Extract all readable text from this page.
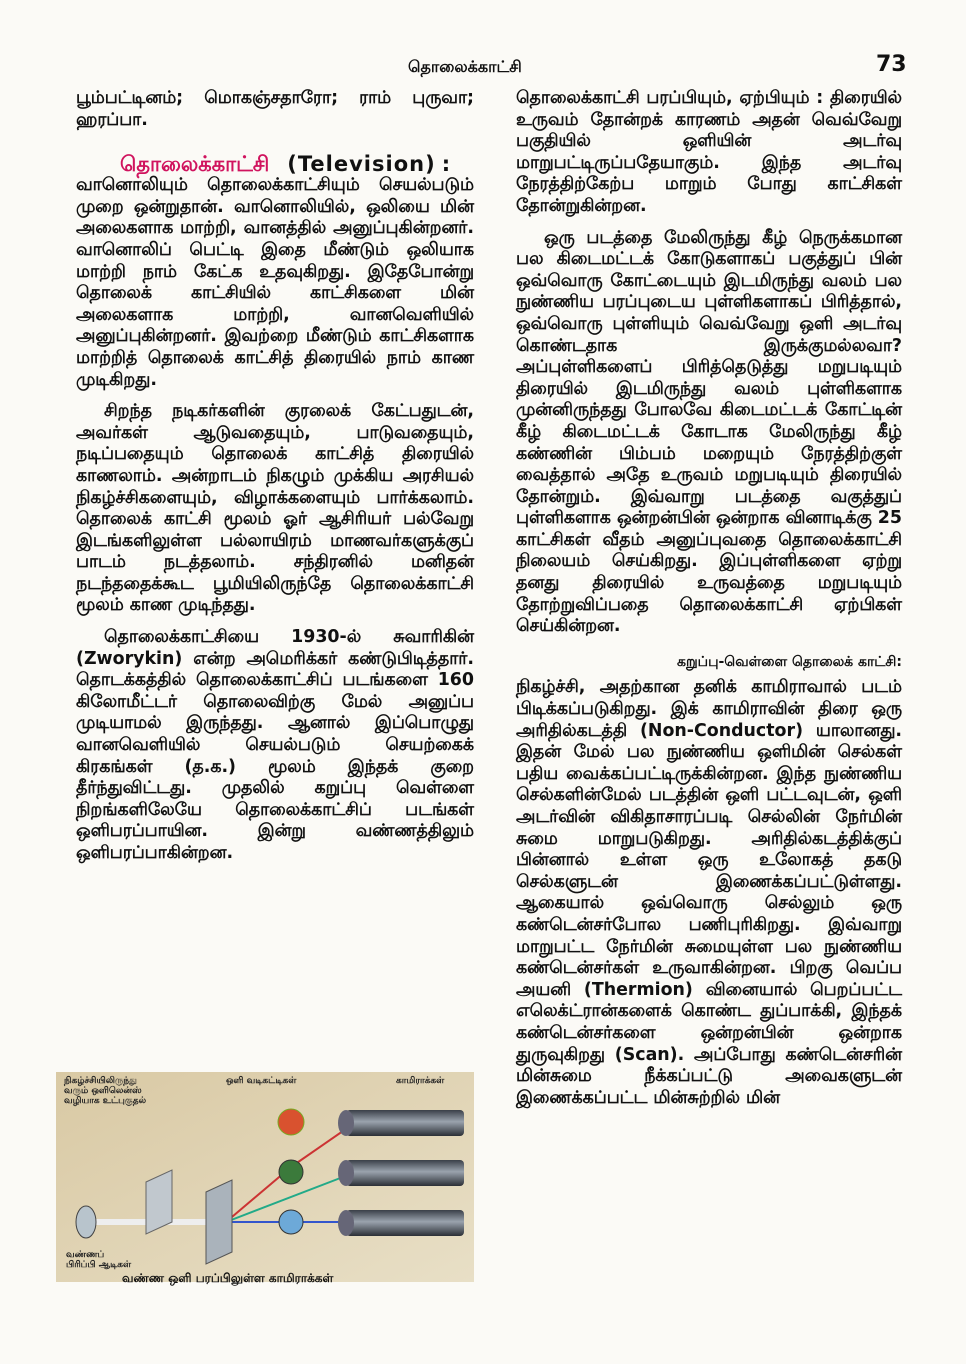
தொலைக்காட்சி	73

பூம்பட்டினம்; மொகஞ்சதாரோ; ராம் புருவா; ஹரப்பா.

தொலைக்காட்சி (Television) :

வானொலியும் தொலைக்காட்சியும் செயல்படும் முறை ஒன்றுதான். வானொலியில், ஒலியை மின் அலைகளாக மாற்றி, வானத்தில் அனுப்புகின்றனர். வானொலிப் பெட்டி இதை மீண்டும் ஒலியாக மாற்றி நாம் கேட்க உதவுகிறது. இதேபோன்று தொலைக் காட்சியில் காட்சிகளை மின் அலைகளாக மாற்றி, வானவெளியில் அனுப்புகின்றனர். இவற்றை மீண்டும் காட்சிகளாக மாற்றித் தொலைக் காட்சித் திரையில் நாம் காண முடிகிறது.

சிறந்த நடிகர்களின் குரலைக் கேட்பதுடன், அவர்கள் ஆடுவதையும், பாடுவதையும், நடிப்பதையும் தொலைக் காட்சித் திரையில் காணலாம். அன்றாடம் நிகழும் முக்கிய அரசியல் நிகழ்ச்சிகளையும், விழாக்களையும் பார்க்கலாம். தொலைக் காட்சி மூலம் ஓர் ஆசிரியர் பல்வேறு இடங்களிலுள்ள பல்லாயிரம் மாணவர்களுக்குப் பாடம் நடத்தலாம். சந்திரனில் மனிதன் நடந்ததைக்கூட பூமியிலிருந்தே தொலைக்காட்சி மூலம் காண முடிந்தது.

தொலைக்காட்சியை 1930-ல் சுவாரிகின் (Zworykin) என்ற அமெரிக்கர் கண்டுபிடித்தார். தொடக்கத்தில் தொலைக்காட்சிப் படங்களை 160 கிலோமீட்டர் தொலைவிற்கு மேல் அனுப்ப முடியாமல் இருந்தது. ஆனால் இப்பொழுது வானவெளியில் செயல்படும் செயற்கைக் கிரகங்கள் (த.க.) மூலம் இந்தக் குறை தீர்ந்துவிட்டது. முதலில் கறுப்பு வெள்ளை நிறங்களிலேயே தொலைக்காட்சிப் படங்கள் ஒளிபரப்பாயின. இன்று வண்ணத்திலும் ஒளிபரப்பாகின்றன.

நிகழ்ச்சியிலிருந்து வரும் ஒளிலென்ஸ் வழியாக உட்புகுதல்
ஒளி வடிகட்டிகள்	காமிராக்கள்
வண்ணப் பிரிப்பி ஆடிகள்
வண்ண ஒளி பரப்பிலுள்ள காமிராக்கள்

தொலைக்காட்சி பரப்பியும், ஏற்பியும் : திரையில் உருவம் தோன்றக் காரணம் அதன் வெவ்வேறு பகுதியில் ஒளியின் அடர்வு மாறுபட்டிருப்பதேயாகும். இந்த அடர்வு நேரத்திற்கேற்ப மாறும் போது காட்சிகள் தோன்றுகின்றன.

ஒரு படத்தை மேலிருந்து கீழ் நெருக்கமான பல கிடைமட்டக் கோடுகளாகப் பகுத்துப் பின் ஒவ்வொரு கோட்டையும் இடமிருந்து வலம் பல நுண்ணிய பரப்புடைய புள்ளிகளாகப் பிரித்தால், ஒவ்வொரு புள்ளியும் வெவ்வேறு ஒளி அடர்வு கொண்டதாக இருக்குமல்லவா? அப்புள்ளிகளைப் பிரித்தெடுத்து மறுபடியும் திரையில் இடமிருந்து வலம் புள்ளிகளாக முன்னிருந்தது போலவே கிடைமட்டக் கோட்டின் கீழ் கிடைமட்டக் கோடாக மேலிருந்து கீழ் கண்ணின் பிம்பம் மறையும் நேரத்திற்குள் வைத்தால் அதே உருவம் மறுபடியும் திரையில் தோன்றும். இவ்வாறு படத்தை வகுத்துப் புள்ளிகளாக ஒன்றன்பின் ஒன்றாக வினாடிக்கு 25 காட்சிகள் வீதம் அனுப்புவதை தொலைக்காட்சி நிலையம் செய்கிறது. இப்புள்ளிகளை ஏற்று தனது திரையில் உருவத்தை மறுபடியும் தோற்றுவிப்பதை தொலைக்காட்சி ஏற்பிகள் செய்கின்றன.

கறுப்பு-வெள்ளை தொலைக் காட்சி:

நிகழ்ச்சி, அதற்கான தனிக் காமிராவால் படம் பிடிக்கப்படுகிறது. இக் காமிராவின் திரை ஒரு அரிதில்கடத்தி (Non-Conductor) யாலானது. இதன் மேல் பல நுண்ணிய ஒளிமின் செல்கள் பதிய வைக்கப்பட்டிருக்கின்றன. இந்த நுண்ணிய செல்களின்மேல் படத்தின் ஒளி பட்டவுடன், ஒளி அடர்வின் விகிதாசாரப்படி செல்லின் நேர்மின் சுமை மாறுபடுகிறது. அரிதில்கடத்திக்குப் பின்னால் உள்ள ஒரு உலோகத் தகடு செல்களுடன் இணைக்கப்பட்டுள்ளது. ஆகையால் ஒவ்வொரு செல்லும் ஒரு கண்டென்சர்போல பணிபுரிகிறது. இவ்வாறு மாறுபட்ட நேர்மின் சுமையுள்ள பல நுண்ணிய கண்டென்சர்கள் உருவாகின்றன. பிறகு வெப்ப அயனி (Thermion) வினையால் பெறப்பட்ட எலெக்ட்ரான்களைக் கொண்ட துப்பாக்கி, இந்தக் கண்டென்சர்களை ஒன்றன்பின் ஒன்றாக துருவுகிறது (Scan). அப்போது கண்டென்சரின் மின்சுமை நீக்கப்பட்டு அவைகளுடன் இணைக்கப்பட்ட மின்சுற்றில் மின்
